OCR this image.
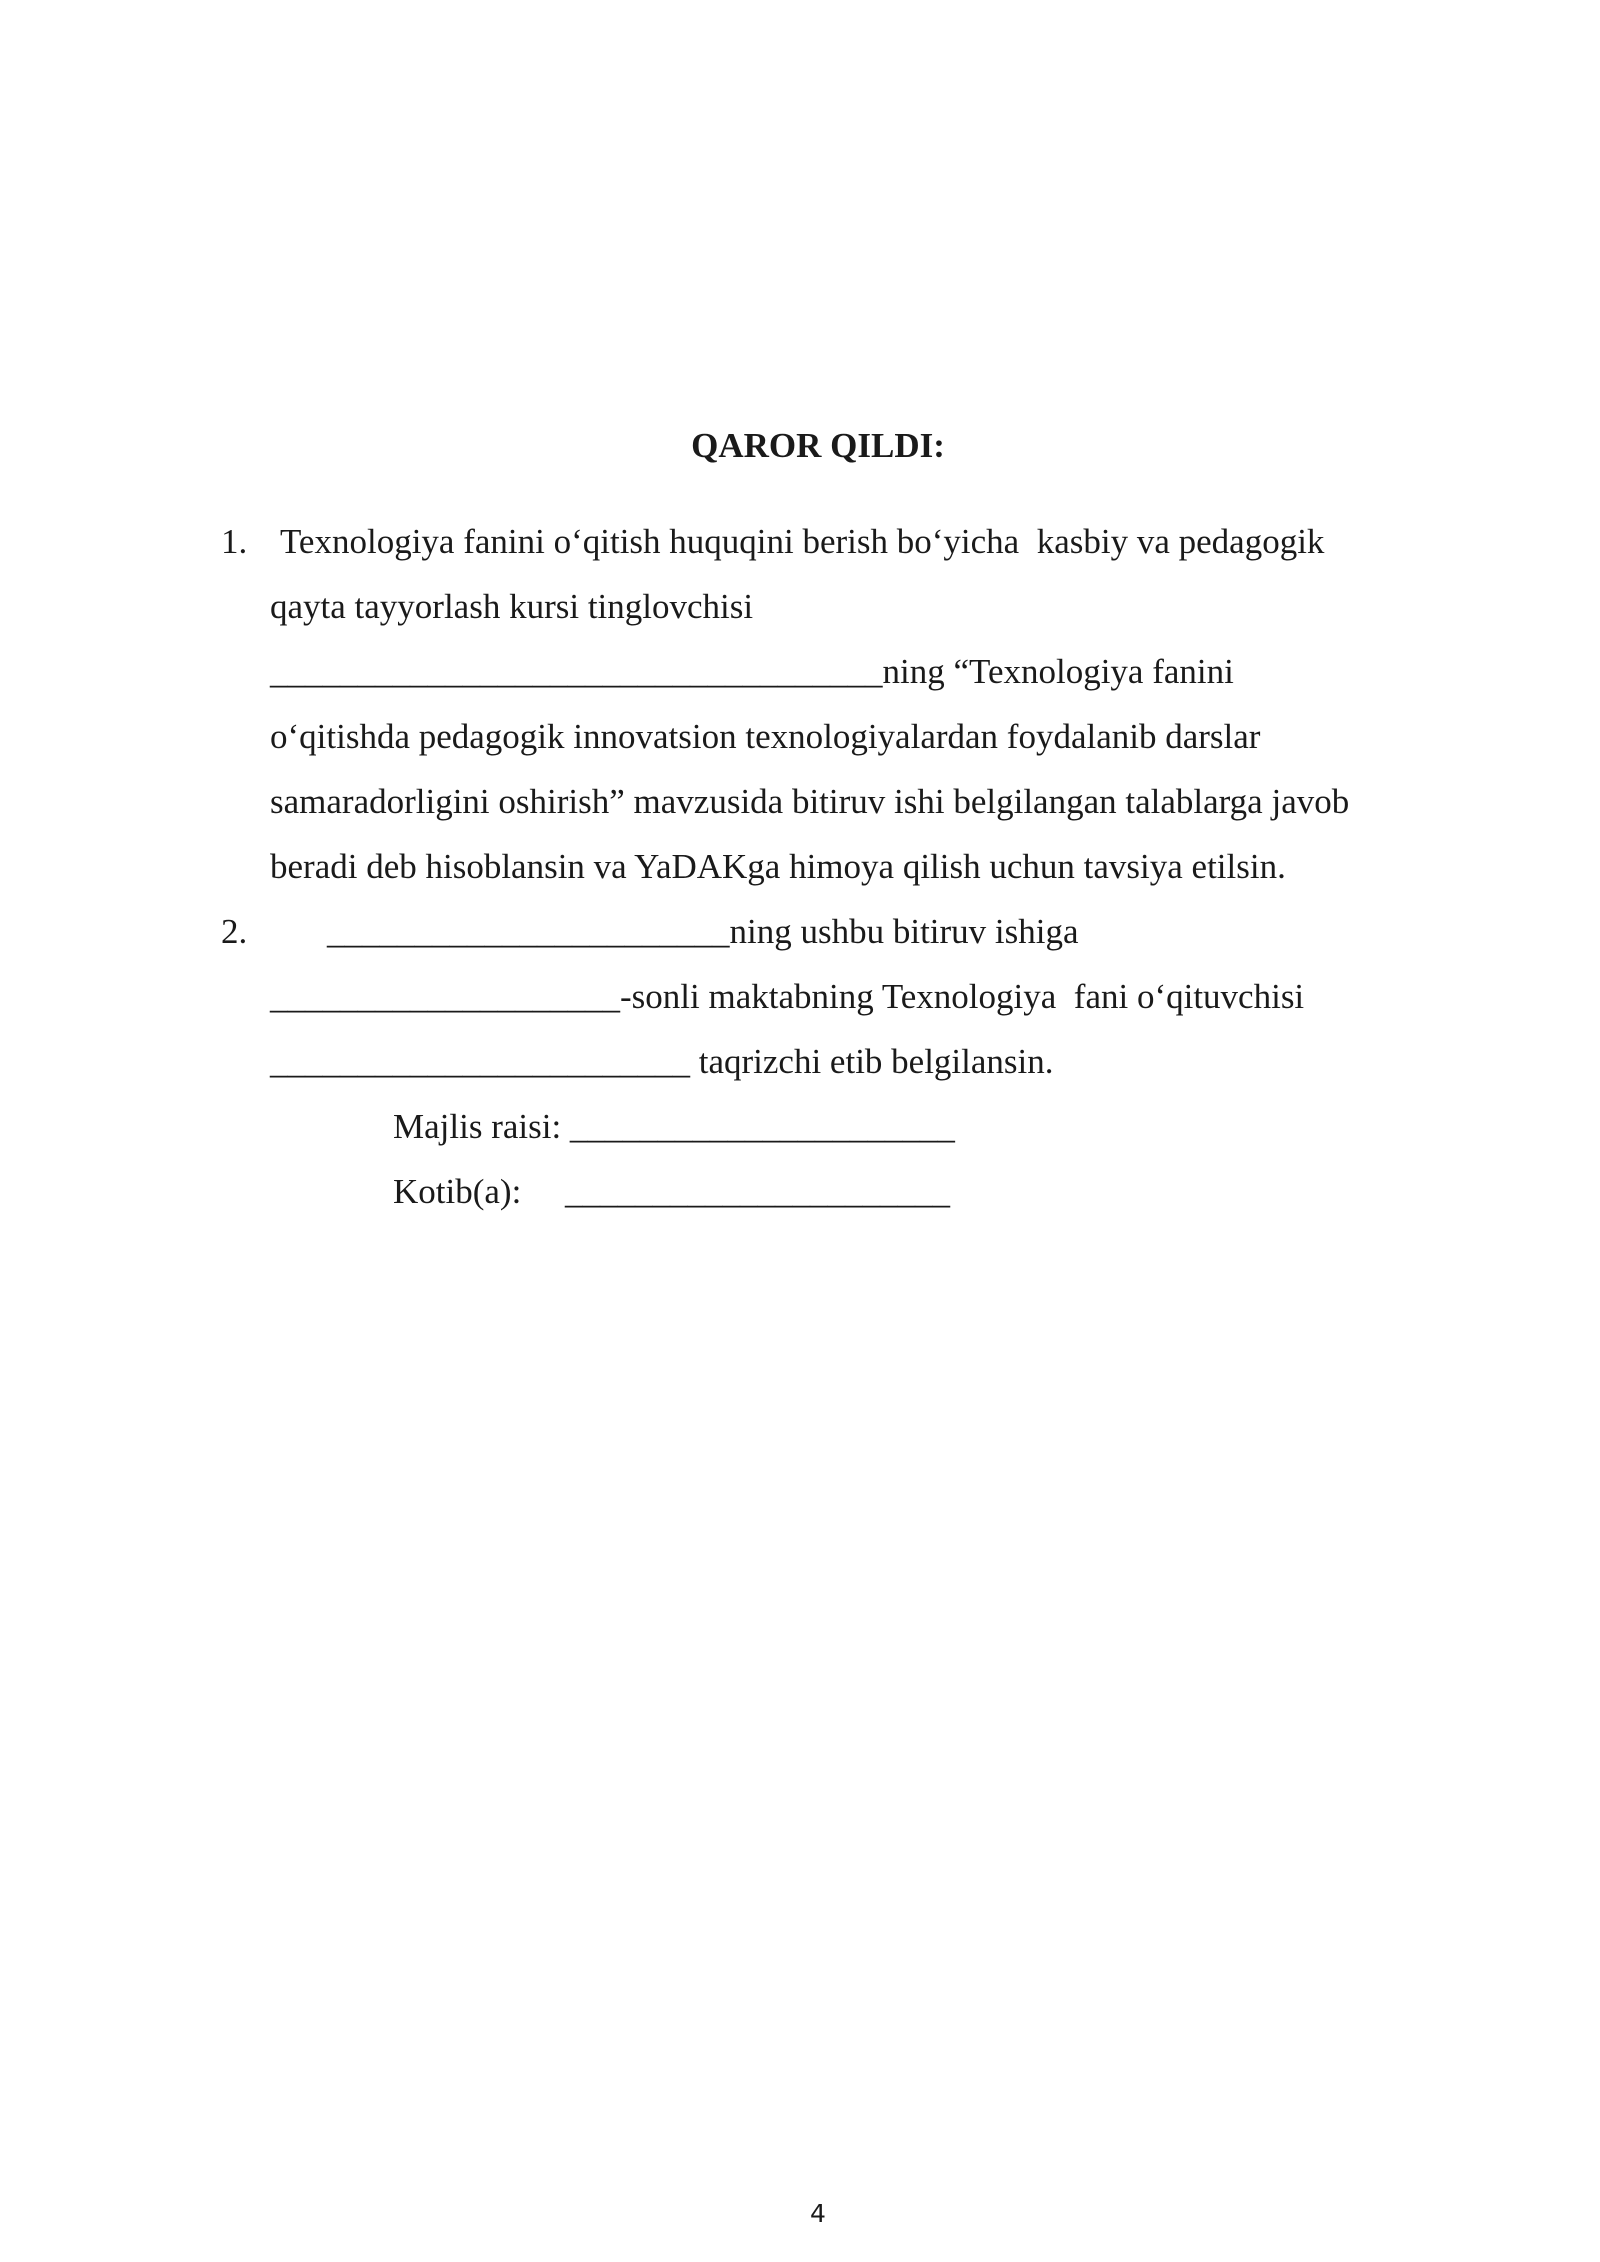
QAROR QILDI:
1. Texnologiya fanini o‘qitish huquqini berish bo‘yicha  kasbiy va pedagogik
qayta tayyorlash kursi tinglovchisi
___________________________________ning “Texnologiya fanini
o‘qitishda pedagogik innovatsion texnologiyalardan foydalanib darslar
samaradorligini oshirish” mavzusida bitiruv ishi belgilangan talablarga javob
beradi deb hisoblansin va YaDAKga himoya qilish uchun tavsiya etilsin.
2. _______________________ning ushbu bitiruv ishiga
____________________-sonli maktabning Texnologiya  fani o‘qituvchisi
________________________ taqrizchi etib belgilansin.
Majlis raisi: ______________________
Kotib(a):     ______________________
4
